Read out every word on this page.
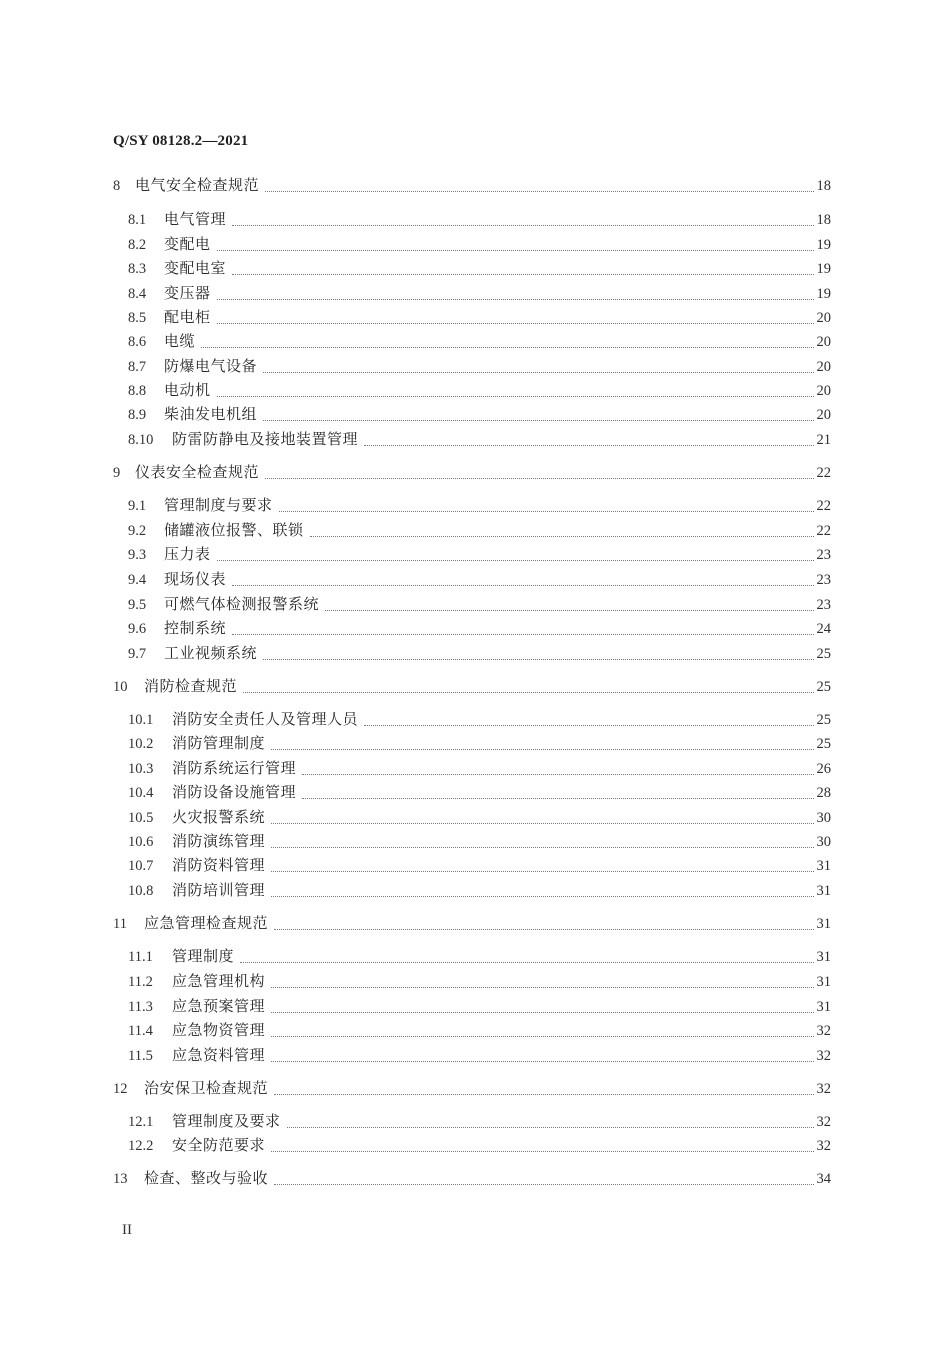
Q/SY 08128.2—2021
8 电气安全检查规范	18
8.1	电气管理	18
8.2	变配电	19
8.3	变配电室	19
8.4	变压器	19
8.5	配电柜	20
8.6	电缆	20
8.7	防爆电气设备	20
8.8	电动机	20
8.9	柴油发电机组	20
8.10	防雷防静电及接地装置管理	21
9 仪表安全检查规范	22
9.1	管理制度与要求	22
9.2	储罐液位报警、联锁	22
9.3	压力表	23
9.4	现场仪表	23
9.5	可燃气体检测报警系统	23
9.6	控制系统	24
9.7	工业视频系统	25
10	消防检查规范	25
10.1	消防安全责任人及管理人员	25
10.2	消防管理制度	25
10.3	消防系统运行管理	26
10.4	消防设备设施管理	28
10.5	火灾报警系统	30
10.6	消防演练管理	30
10.7	消防资料管理	31
10.8	消防培训管理	31
11	应急管理检查规范	31
11.1	管理制度	31
11.2	应急管理机构	31
11.3	应急预案管理	31
11.4	应急物资管理	32
11.5	应急资料管理	32
12	治安保卫检查规范	32
12.1	管理制度及要求	32
12.2	安全防范要求	32
13	检查、整改与验收	34
II
